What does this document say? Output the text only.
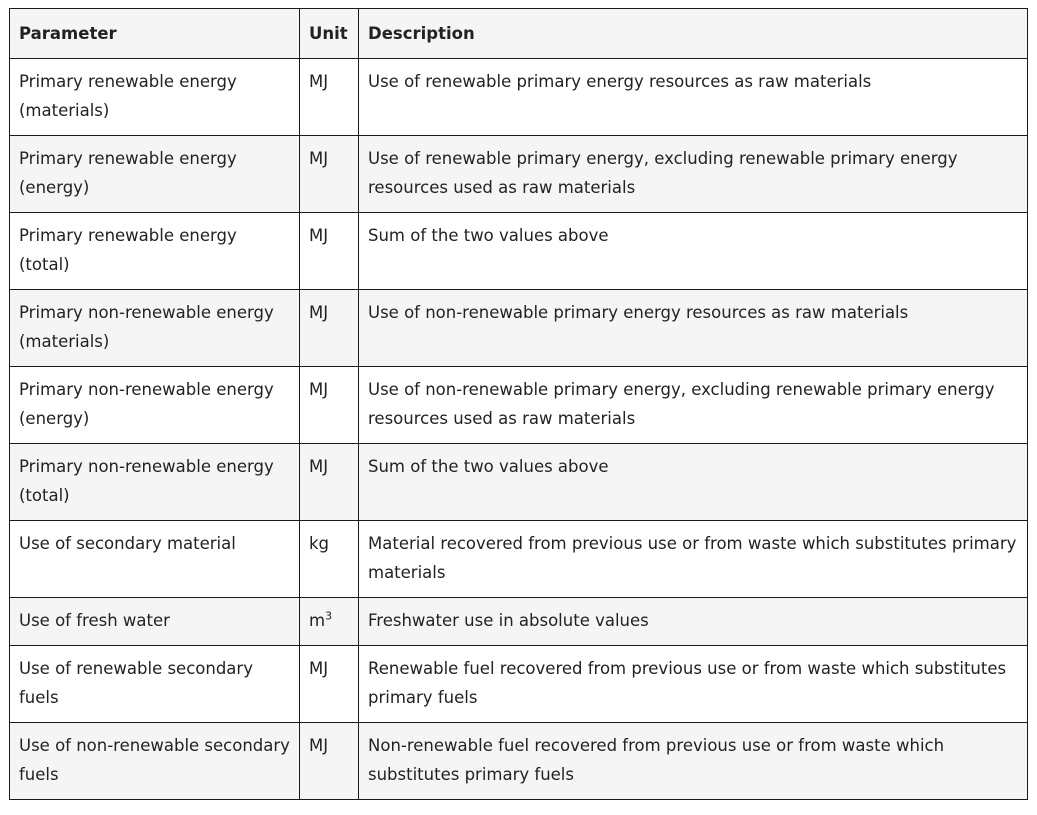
Parameter	Unit	Description
Primary renewable energy (materials)	MJ	Use of renewable primary energy resources as raw materials
Primary renewable energy (energy)	MJ	Use of renewable primary energy, excluding renewable primary energy resources used as raw materials
Primary renewable energy (total)	MJ	Sum of the two values above
Primary non-renewable energy (materials)	MJ	Use of non-renewable primary energy resources as raw materials
Primary non-renewable energy (energy)	MJ	Use of non-renewable primary energy, excluding renewable primary energy resources used as raw materials
Primary non-renewable energy (total)	MJ	Sum of the two values above
Use of secondary material	kg	Material recovered from previous use or from waste which substitutes primary materials
Use of fresh water	$m^3$	Freshwater use in absolute values
Use of renewable secondary fuels	MJ	Renewable fuel recovered from previous use or from waste which substitutes primary fuels
Use of non-renewable secondary fuels	MJ	Non-renewable fuel recovered from previous use or from waste which substitutes primary fuels
